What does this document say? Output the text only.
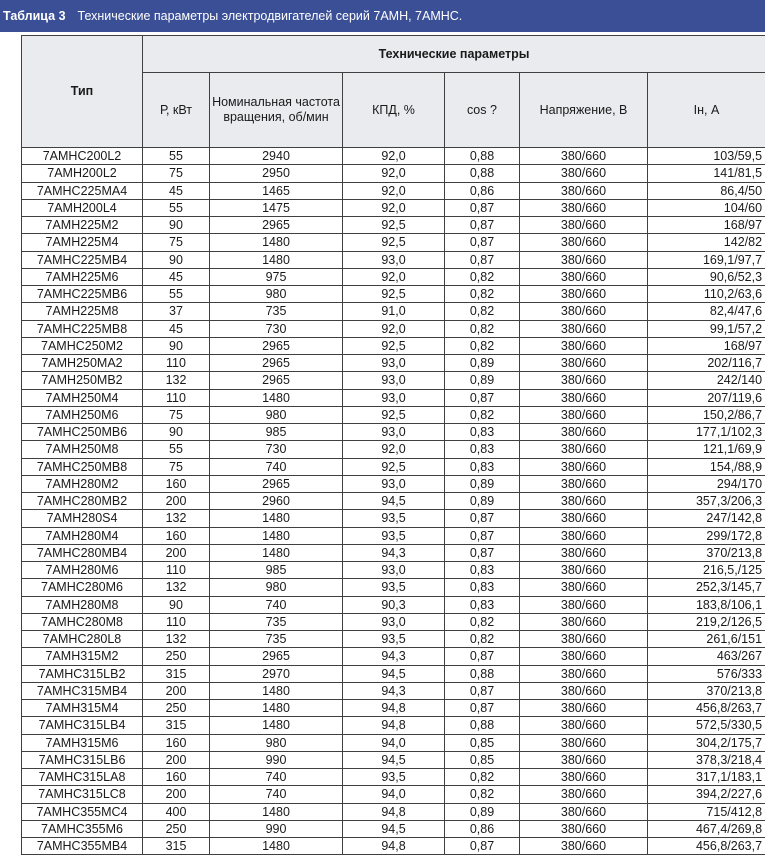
Таблица 3 Технические параметры электродвигателей серий 7АМН, 7АМНС.
Тип	Технические параметры					
	Р, кВт	Номинальная частота вращения, об/мин	КПД, %	cos ?	Напряжение, В	Iн, А
7АМНС200L2	55	2940	92,0	0,88	380/660	103/59,5
7АМН200L2	75	2950	92,0	0,88	380/660	141/81,5
7АМНС225МА4	45	1465	92,0	0,86	380/660	86,4/50
7АМН200L4	55	1475	92,0	0,87	380/660	104/60
7АМН225М2	90	2965	92,5	0,87	380/660	168/97
7АМН225М4	75	1480	92,5	0,87	380/660	142/82
7АМНС225МВ4	90	1480	93,0	0,87	380/660	169,1/97,7
7АМН225М6	45	975	92,0	0,82	380/660	90,6/52,3
7АМНС225МВ6	55	980	92,5	0,82	380/660	110,2/63,6
7АМН225М8	37	735	91,0	0,82	380/660	82,4/47,6
7АМНС225МВ8	45	730	92,0	0,82	380/660	99,1/57,2
7АМНС250М2	90	2965	92,5	0,82	380/660	168/97
7АМН250МА2	110	2965	93,0	0,89	380/660	202/116,7
7АМН250МВ2	132	2965	93,0	0,89	380/660	242/140
7АМН250М4	110	1480	93,0	0,87	380/660	207/119,6
7АМН250М6	75	980	92,5	0,82	380/660	150,2/86,7
7АМНС250МВ6	90	985	93,0	0,83	380/660	177,1/102,3
7АМН250М8	55	730	92,0	0,83	380/660	121,1/69,9
7АМНС250МВ8	75	740	92,5	0,83	380/660	154,/88,9
7АМН280М2	160	2965	93,0	0,89	380/660	294/170
7АМНС280МВ2	200	2960	94,5	0,89	380/660	357,3/206,3
7АМН280S4	132	1480	93,5	0,87	380/660	247/142,8
7АМН280М4	160	1480	93,5	0,87	380/660	299/172,8
7АМНС280МВ4	200	1480	94,3	0,87	380/660	370/213,8
7АМН280М6	110	985	93,0	0,83	380/660	216,5,/125
7АМНС280М6	132	980	93,5	0,83	380/660	252,3/145,7
7АМН280М8	90	740	90,3	0,83	380/660	183,8/106,1
7АМНС280М8	110	735	93,0	0,82	380/660	219,2/126,5
7АМНС280L8	132	735	93,5	0,82	380/660	261,6/151
7АМН315М2	250	2965	94,3	0,87	380/660	463/267
7АМНС315LВ2	315	2970	94,5	0,88	380/660	576/333
7АМНС315МВ4	200	1480	94,3	0,87	380/660	370/213,8
7АМН315М4	250	1480	94,8	0,87	380/660	456,8/263,7
7АМНС315LВ4	315	1480	94,8	0,88	380/660	572,5/330,5
7АМН315М6	160	980	94,0	0,85	380/660	304,2/175,7
7АМНС315LВ6	200	990	94,5	0,85	380/660	378,3/218,4
7АМНС315LА8	160	740	93,5	0,82	380/660	317,1/183,1
7АМНС315LС8	200	740	94,0	0,82	380/660	394,2/227,6
7АМНС355МС4	400	1480	94,8	0,89	380/660	715/412,8
7АМНС355М6	250	990	94,5	0,86	380/660	467,4/269,8
7АМНС355МВ4	315	1480	94,8	0,87	380/660	456,8/263,7
